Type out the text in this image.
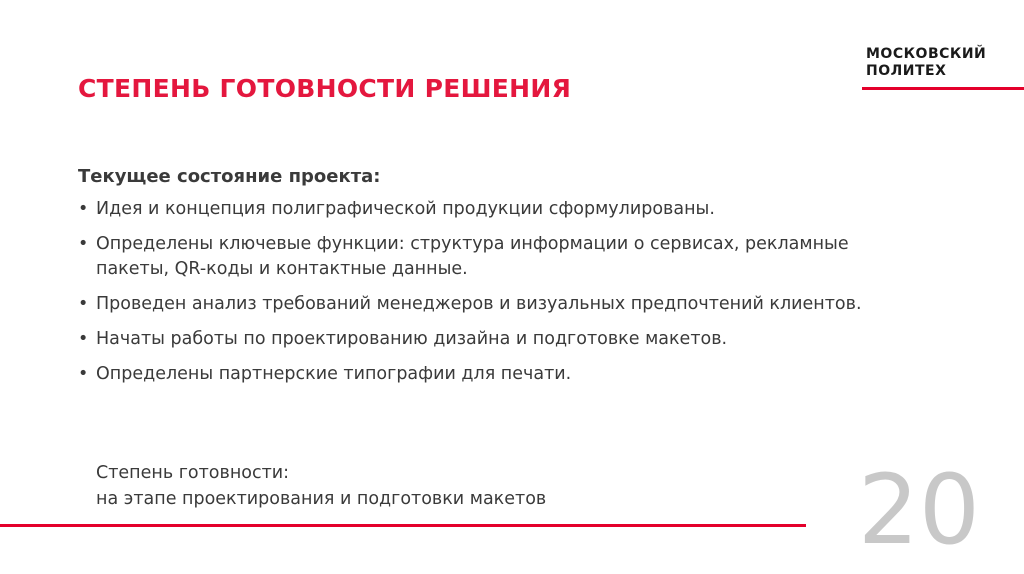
МОСКОВСКИЙ
ПОЛИТЕХ
СТЕПЕНЬ ГОТОВНОСТИ РЕШЕНИЯ

Текущее состояние проекта:

• Идея и концепция полиграфической продукции сформулированы.
• Определены ключевые функции: структура информации о сервисах, рекламные пакеты, QR-коды и контактные данные.
• Проведен анализ требований менеджеров и визуальных предпочтений клиентов.
• Начаты работы по проектированию дизайна и подготовке макетов.
• Определены партнерские типографии для печати.
Степень готовности:
на этапе проектирования и подготовки макетов	20
